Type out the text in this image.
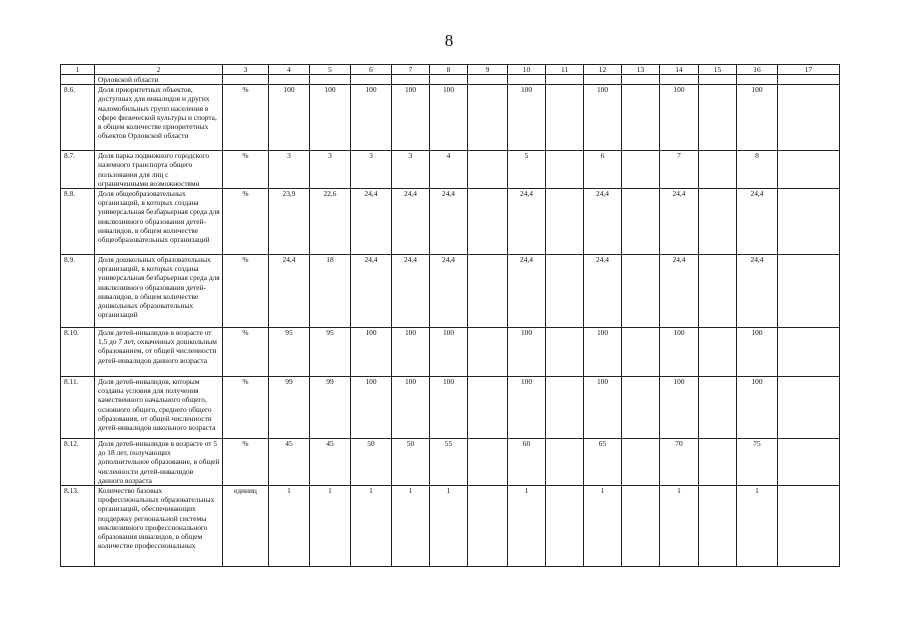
8
1	2	3	4	5	6	7	8	9	10	11	12	13	14	15	16	17
	Орловской области															
8.6.	Доля приоритетных объектов, доступных для инвалидов и других маломобильных групп населения в сфере физической культуры и спорта, в общем количестве приоритетных объектов Орловской области	%	100	100	100	100	100		100		100		100		100	
8.7.	Доля парка подвижного городского наземного транспорта общего пользования для лиц с ограниченными возможностями	%	3	3	3	3	4		5		6		7		8	
8.8.	Доля общеобразовательных организаций, в которых создана универсальная безбарьерная среда для инклюзивного образования детей-инвалидов, в общем количестве общеобразовательных организаций	%	23,9	22,6	24,4	24,4	24,4		24,4		24,4		24,4		24,4	
8.9.	Доля дошкольных образовательных организаций, в которых создана универсальная безбарьерная среда для инклюзивного образования детей-инвалидов, в общем количестве дошкольных образовательных организаций	%	24,4	18	24,4	24,4	24,4		24,4		24,4		24,4		24,4	
8.10.	Доля детей-инвалидов в возрасте от 1,5 до 7 лет, охваченных дошкольным образованием, от общей численности детей-инвалидов данного возраста	%	95	95	100	100	100		100		100		100		100	
8.11.	Доля детей-инвалидов, которым созданы условия для получения качественного начального общего, основного общего, среднего общего образования, от общей численности детей-инвалидов школьного возраста	%	99	99	100	100	100		100		100		100		100	
8.12.	Доля детей-инвалидов в возрасте от 5 до 18 лет, получающих дополнительное образование, в общей численности детей-инвалидов данного возраста	%	45	45	50	50	55		60		65		70		75	
8.13.	Количество базовых профессиональных образовательных организаций, обеспечивающих поддержку региональной системы инклюзивного профессионального образования инвалидов, в общем количестве профессиональных	единиц	1	1	1	1	1		1		1		1		1	
